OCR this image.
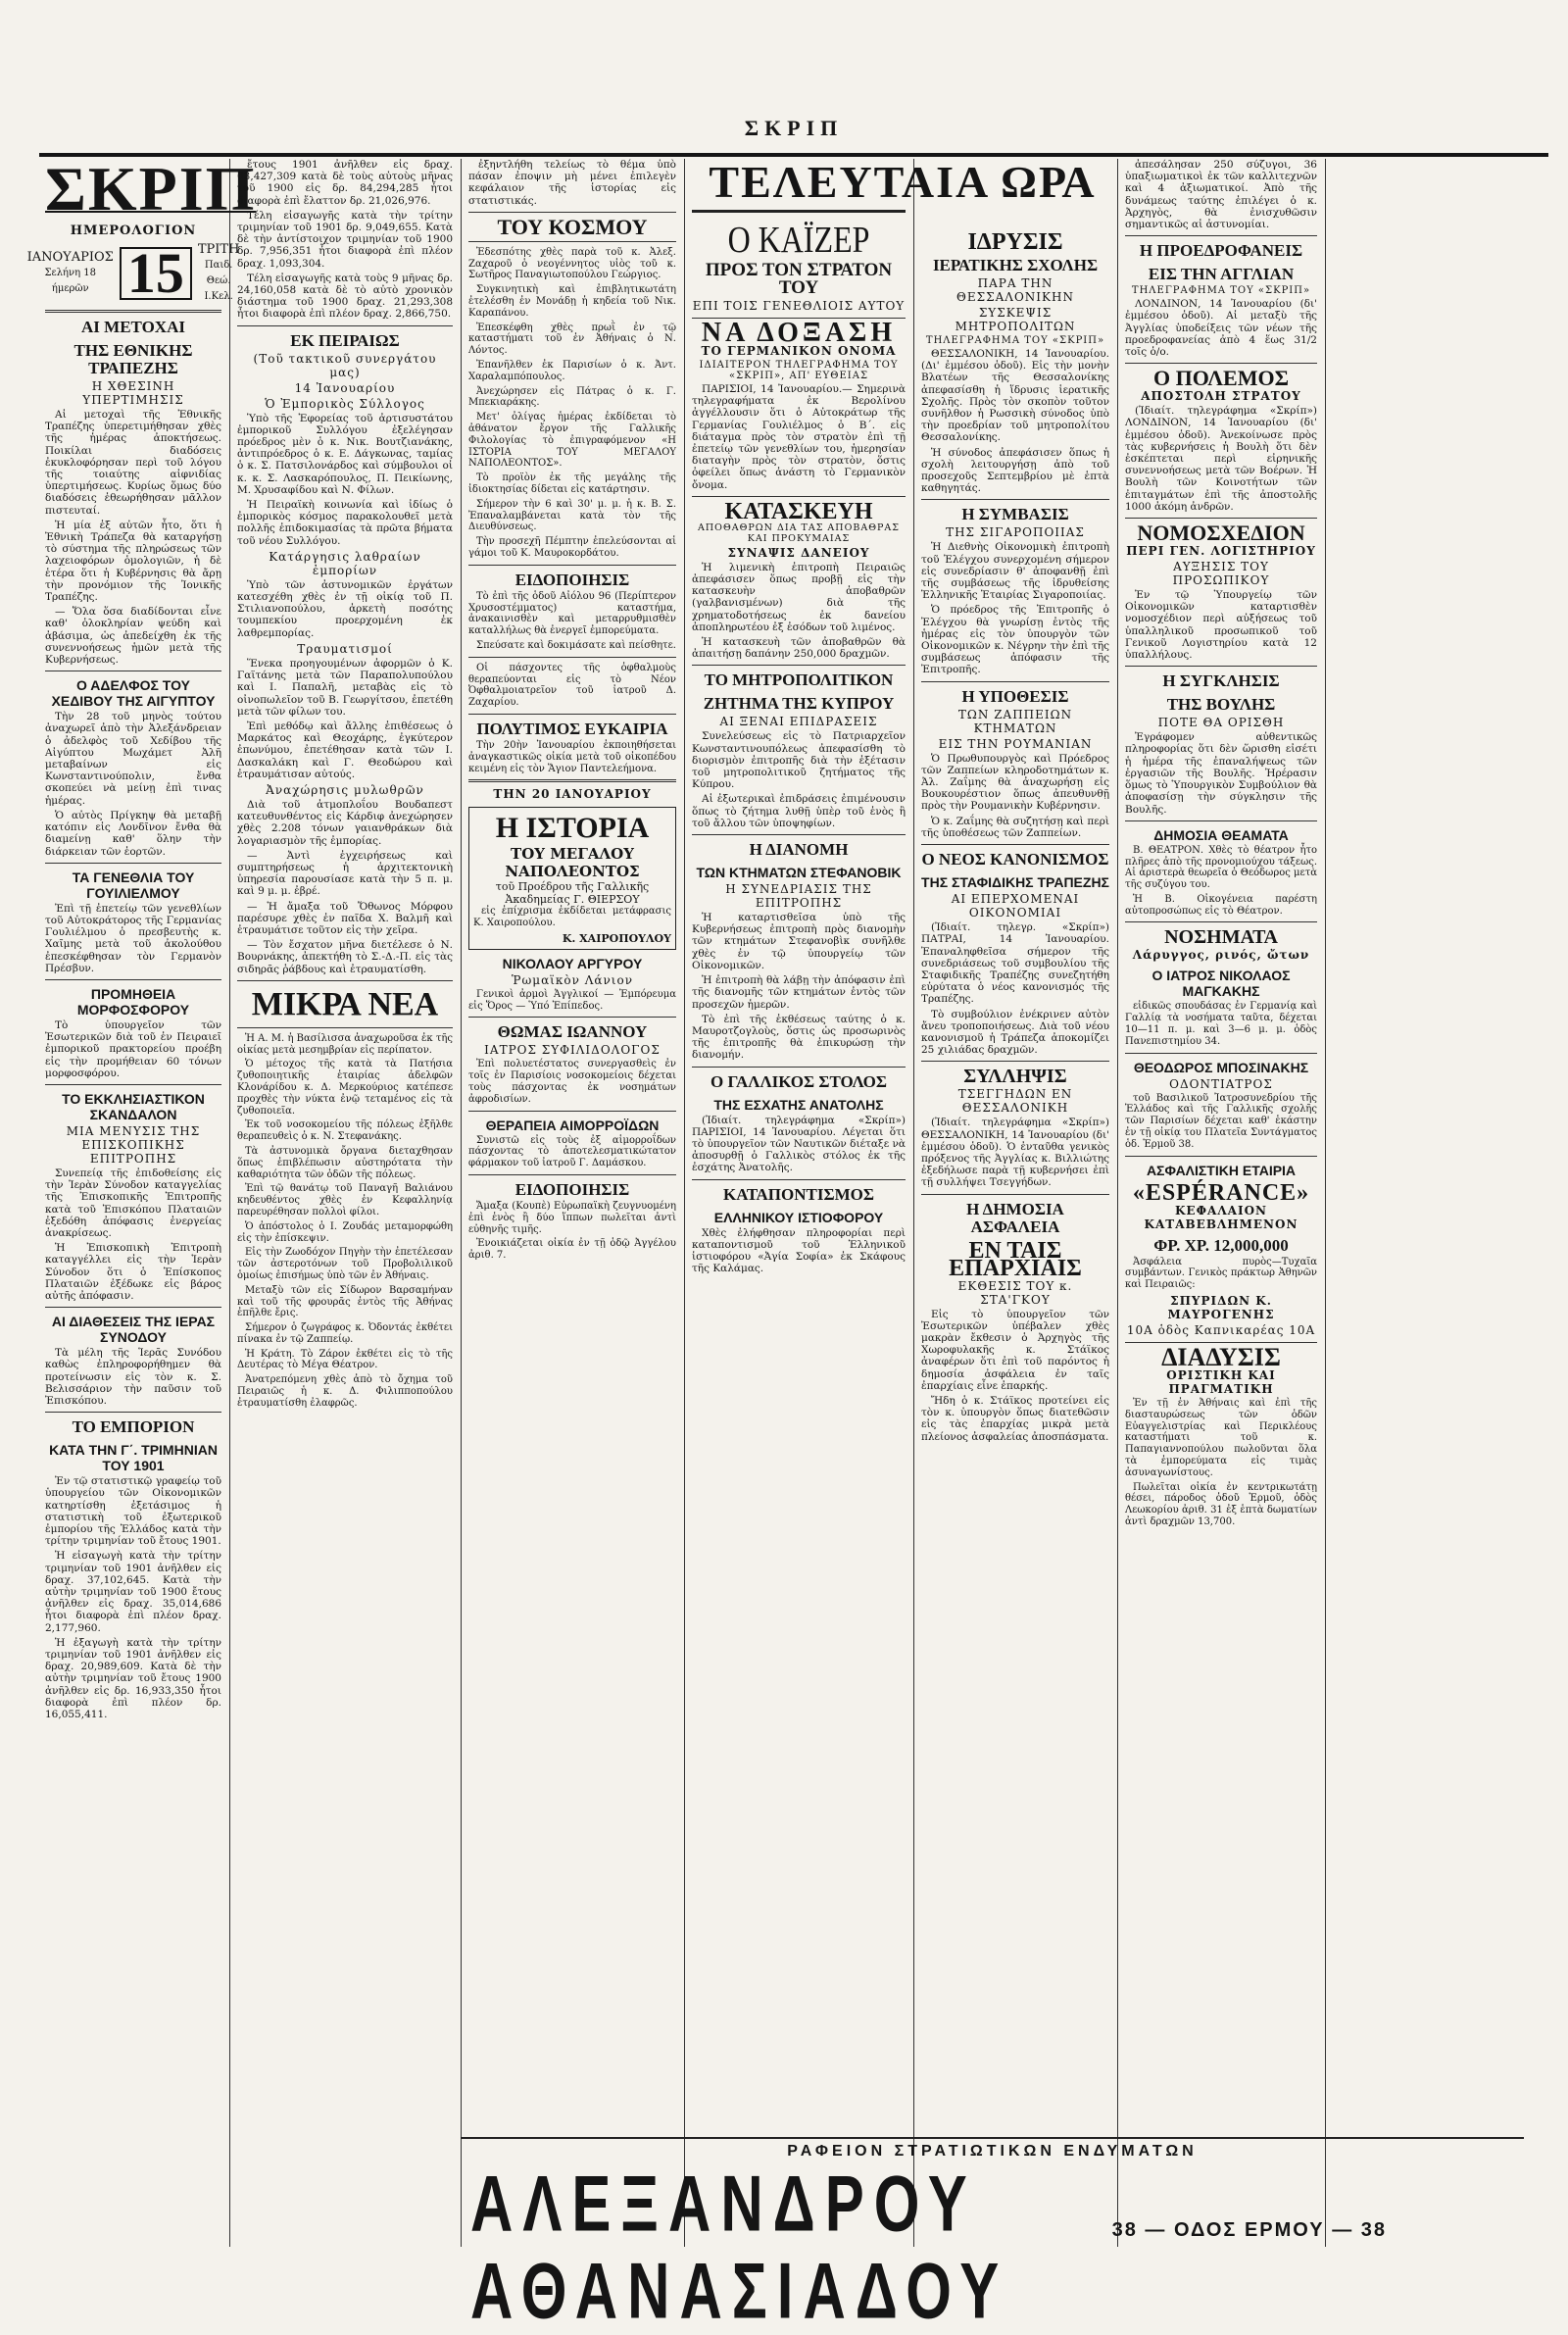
ΣΚΡΙΠ
ΣΚΡΙΠ
ΗΜΕΡΟΛΟΓΙΟΝ
ΙΑΝΟΥΑΡΙΟΣ
Σελήνη 18 ήμερῶν 15	ΤΡΙΤΗ
Παιδ. Θεώ. Ι.Κελ.
ΑΙ ΜΕΤΟΧΑΙ
ΤΗΣ ΕΘΝΙΚΗΣ ΤΡΑΠΕΖΗΣ
Η ΧΘΕΣΙΝΗ ΥΠΕΡΤΙΜΗΣΙΣ

Αἱ μετοχαὶ τῆς Ἐθνικῆς Τραπέζης ὑπερετιμήθησαν χθὲς τῆς ἡμέρας ἀποκτήσεως. Ποικίλαι διαδόσεις ἐκυκλοφόρησαν περὶ τοῦ λόγου τῆς τοιαύτης αἰφνιδίας ὑπερτιμήσεως. Κυρίως ὅμως δύο διαδόσεις ἐθεωρήθησαν μᾶλλον πιστευταί.

Ἡ μία ἐξ αὐτῶν ἦτο, ὅτι ἡ Ἐθνικὴ Τράπεζα θὰ καταργήσῃ τὸ σύστημα τῆς πληρώσεως τῶν λαχειοφόρων ὁμολογιῶν, ἡ δὲ ἑτέρα ὅτι ἡ Κυβέρνησις θὰ ἄρῃ τὴν προνόμιον τῆς Ἰονικῆς Τραπέζης.

— Ὅλα ὅσα διαδίδονται εἶνε καθ' ὁλοκληρίαν ψεύδη καὶ ἀβάσιμα, ὡς ἀπεδείχθη ἐκ τῆς συνεννοήσεως ἡμῶν μετὰ τῆς Κυβερνήσεως.

Ο ΑΔΕΛΦΟΣ ΤΟΥ ΧΕΔΙΒΟΥ ΤΗΣ ΑΙΓΥΠΤΟΥ

Τὴν 28 τοῦ μηνὸς τούτου ἀναχωρεῖ ἀπὸ τὴν Ἀλεξάνδρειαν ὁ ἀδελφὸς τοῦ Χεδίβου τῆς Αἰγύπτου Μωχάμετ Ἀλῆ μεταβαίνων εἰς Κωνσταντινούπολιν, ἔνθα σκοπεύει νὰ μείνῃ ἐπὶ τινας ἡμέρας.

Ὁ αὐτὸς Πρίγκηψ θὰ μεταβῇ κατόπιν εἰς Λονδῖνον ἔνθα θὰ διαμείνῃ καθ' ὅλην τὴν διάρκειαν τῶν ἑορτῶν.

ΤΑ ΓΕΝΕΘΛΙΑ ΤΟΥ ΓΟΥΙΛΙΕΛΜΟΥ

Ἐπὶ τῇ ἐπετείῳ τῶν γενεθλίων τοῦ Αὐτοκράτορος τῆς Γερμανίας Γουλιέλμου ὁ πρεσβευτὴς κ. Χαῖμης μετὰ τοῦ ἀκολούθου ἐπεσκέφθησαν τὸν Γερμανὸν Πρέσβυν.

ΠΡΟΜΗΘΕΙΑ ΜΟΡΦΟΣΦΟΡΟΥ

Τὸ ὑπουργεῖον τῶν Ἐσωτερικῶν διὰ τοῦ ἐν Πειραιεῖ ἐμπορικοῦ πρακτορείου προέβη εἰς τὴν προμήθειαν 60 τόνων μορφοσφόρου.

ΤΟ ΕΚΚΛΗΣΙΑΣΤΙΚΟΝ ΣΚΑΝΔΑΛΟΝ
ΜΙΑ ΜΕΝΥΣΙΣ ΤΗΣ ΕΠΙΣΚΟΠΙΚΗΣ ΕΠΙΤΡΟΠΗΣ

Συνεπείᾳ τῆς ἐπιδοθείσης εἰς τὴν Ἱερὰν Σύνοδον καταγγελίας τῆς Ἐπισκοπικῆς Ἐπιτροπῆς κατὰ τοῦ Ἐπισκόπου Πλαταιῶν ἐξεδόθη ἀπόφασις ἐνεργείας ἀνακρίσεως.

Ἡ Ἐπισκοπικὴ Ἐπιτροπὴ καταγγέλλει εἰς τὴν Ἱερὰν Σύνοδον ὅτι ὁ Ἐπίσκοπος Πλαταιῶν ἐξέδωκε εἰς βάρος αὐτῆς ἀπόφασιν.

ΑΙ ΔΙΑΘΕΣΕΙΣ ΤΗΣ ΙΕΡΑΣ ΣΥΝΟΔΟΥ

Τὰ μέλη τῆς Ἱερᾶς Συνόδου καθὼς ἐπληροφορήθημεν θὰ προτείνωσιν εἰς τὸν κ. Σ. Βελισσάριον τὴν παῦσιν τοῦ Ἐπισκόπου.

ΤΟ ΕΜΠΟΡΙΟΝ
ΚΑΤΑ ΤΗΝ Γ΄. ΤΡΙΜΗΝΙΑΝ ΤΟΥ 1901

Ἐν τῷ στατιστικῷ γραφείῳ τοῦ ὑπουργείου τῶν Οἰκονομικῶν κατηρτίσθη ἐξετάσιμος ἡ στατιστικὴ τοῦ ἐξωτερικοῦ ἐμπορίου τῆς Ἑλλάδος κατὰ τὴν τρίτην τριμηνίαν τοῦ ἔτους 1901.

Ἡ εἰσαγωγὴ κατὰ τὴν τρίτην τριμηνίαν τοῦ 1901 ἀνῆλθεν εἰς δραχ. 37,102,645. Κατὰ τὴν αὐτὴν τριμηνίαν τοῦ 1900 ἔτους ἀνῆλθεν εἰς δραχ. 35,014,686 ἦτοι διαφορὰ ἐπὶ πλέον δραχ. 2,177,960.

Ἡ ἐξαγωγὴ κατὰ τὴν τρίτην τριμηνίαν τοῦ 1901 ἀνῆλθεν εἰς δραχ. 20,989,609. Κατὰ δὲ τὴν αὐτὴν τριμηνίαν τοῦ ἔτους 1900 ἀνῆλθεν εἰς δρ. 16,933,350 ἦτοι διαφορὰ ἐπὶ πλέον δρ. 16,055,411.

ἔτους 1901 ἀνῆλθεν εἰς δραχ. 63,427,309 κατὰ δὲ τοὺς αὐτοὺς μῆνας τοῦ 1900 εἰς δρ. 84,294,285 ἦτοι διαφορὰ ἐπὶ ἔλαττον δρ. 21,026,976.

Τέλη εἰσαγωγῆς κατὰ τὴν τρίτην τριμηνίαν τοῦ 1901 δρ. 9,049,655. Κατὰ δὲ τὴν ἀντίστοιχον τριμηνίαν τοῦ 1900 δρ. 7,956,351 ἦτοι διαφορὰ ἐπὶ πλέον δραχ. 1,093,304.

Τέλη εἰσαγωγῆς κατὰ τοὺς 9 μῆνας δρ. 24,160,058 κατὰ δὲ τὸ αὐτὸ χρονικὸν διάστημα τοῦ 1900 δραχ. 21,293,308 ἦτοι διαφορὰ ἐπὶ πλέον δραχ. 2,866,750.

ΕΚ ΠΕΙΡΑΙΩΣ
(Τοῦ τακτικοῦ συνεργάτου μας)
14 Ἰανουαρίου
Ὁ Ἐμπορικὸς Σύλλογος

Ὑπὸ τῆς Ἐφορείας τοῦ ἀρτισυστάτου ἐμπορικοῦ Συλλόγου ἐξελέγησαν πρόεδρος μὲν ὁ κ. Νικ. Βουτζιανάκης, ἀντιπρόεδρος ὁ κ. Ε. Δάγκωνας, ταμίας ὁ κ. Σ. Πατσιλονάρδος καὶ σύμβουλοι οἱ κ. κ. Σ. Λασκαρόπουλος, Π. Πεικίωνης, Μ. Χρυσαφίδου καὶ Ν. Φίλων.

Ἡ Πειραϊκὴ κοινωνία καὶ ἰδίως ὁ ἐμπορικὸς κόσμος παρακολουθεῖ μετὰ πολλῆς ἐπιδοκιμασίας τὰ πρῶτα βήματα τοῦ νέου Συλλόγου.

Κατάργησις λαθραίων ἐμπορίων

Ὑπὸ τῶν ἀστυνομικῶν ἐργάτων κατεσχέθη χθὲς ἐν τῇ οἰκίᾳ τοῦ Π. Στιλιανοπούλου, ἀρκετὴ ποσότης τουμπεκίου προερχομένη ἐκ λαθρεμπορίας.

Τραυματισμοί

Ἕνεκα προηγουμένων ἀφορμῶν ὁ Κ. Γαϊτάνης μετὰ τῶν Παραπολυπούλου καὶ Ι. Παπαλῆ, μεταβὰς εἰς τὸ οἰνοπωλεῖον τοῦ Β. Γεωργίτσου, ἐπετέθη μετὰ τῶν φίλων του.

Ἐπὶ μεθόδῳ καὶ ἄλλης ἐπιθέσεως ὁ Μαρκάτος καὶ Θεοχάρης, ἐγκύτερον ἐπωνύμου, ἐπετέθησαν κατὰ τῶν Ι. Δασκαλάκη καὶ Γ. Θεοδώρου καὶ ἐτραυμάτισαν αὐτούς.

Ἀναχώρησις μυλωθρῶν

Διὰ τοῦ ἀτμοπλοΐου Βουδαπεστ κατευθυνθέντος εἰς Κάρδιφ ἀνεχώρησεν χθὲς 2.208 τόνων γαιανθράκων διὰ λογαριασμὸν τῆς ἐμπορίας.

— Ἀντὶ ἐγχειρήσεως καὶ συμπτηρήσεως ἡ ἀρχιτεκτονικὴ ὑπηρεσία παρουσίασε κατὰ τὴν 5 π. μ. καὶ 9 μ. μ. ἐβρέ.

— Ἡ ἄμαξα τοῦ Ὅθωνος Μόρφου παρέσυρε χθὲς ἐν παῖδα Χ. Βαλμῆ καὶ ἐτραυμάτισε τοῦτον εἰς τὴν χεῖρα.

— Τὸν ἔσχατον μῆνα διετέλεσε ὁ Ν. Βουρνάκης, ἀπεκτήθη τὸ Σ.-Δ.-Π. εἰς τὰς σιδηρᾶς ῥάβδους καὶ ἐτραυματίσθη.

ΜΙΚΡΑ ΝΕΑ

Ἡ Α. Μ. ἡ Βασίλισσα ἀναχωροῦσα ἐκ τῆς οἰκίας μετὰ μεσημβρίαν εἰς περίπατον.

Ὁ μέτοχος τῆς κατὰ τὰ Πατήσια ζυθοποιητικῆς ἑταιρίας ἀδελφῶν Κλονάρίδου κ. Δ. Μερκούριος κατέπεσε προχθὲς τὴν νύκτα ἐνῷ τεταμένος εἰς τὰ ζυθοποιεῖα.

Ἐκ τοῦ νοσοκομείου τῆς πόλεως ἐξῆλθε θεραπευθεὶς ὁ κ. Ν. Στεφανάκης.

Τὰ ἀστυνομικὰ ὄργανα διεταχθησαν ὅπως ἐπιβλέπωσιν αὐστηρότατα τὴν καθαριότητα τῶν ὁδῶν τῆς πόλεως.

Ἐπὶ τῷ θανάτῳ τοῦ Παναγῆ Βαλιάνου κηδευθέντος χθὲς ἐν Κεφαλληνίᾳ παρευρέθησαν πολλοὶ φίλοι.

Ὁ ἀπόστολος ὁ Ι. Ζουδάς μεταμορφώθη εἰς τὴν ἐπίσκεψιν.

Εἰς τὴν Ζωοδόχον Πηγὴν τὴν ἐπετέλεσαν τῶν ἀστεροτόνων τοῦ Προβολιλικοῦ ὁμοίως ἐπισήμως ὑπὸ τῶν ἐν Ἀθήναις.

Μεταξὺ τῶν εἰς Σίδωρον Βαρσαμήναν καὶ τοῦ τῆς φρουρᾶς ἐντὸς τῆς Ἀθήνας ἐπῆλθε ἔρις.

Σήμερον ὁ ζωγράφος κ. Ὀδοντάς ἐκθέτει πίνακα ἐν τῷ Ζαππείῳ.

Ἡ Κράτη. Τὸ Ζάρον ἐκθέτει εἰς τὸ τῆς Δευτέρας τὸ Μέγα Θέατρον.

Ἀνατρεπόμενη χθὲς ἀπὸ τὸ ὄχημα τοῦ Πειραιῶς ἡ κ. Δ. Φιλιπποπούλου ἐτραυματίσθη ἐλαφρῶς.

ἐξηντλήθη τελείως τὸ θέμα ὑπὸ πάσαν ἐποψιν μὴ μένει ἐπιλεγὲν κεφάλαιον τῆς ἱστορίας εἰς στατιστικάς.

ΤΟΥ ΚΟΣΜΟΥ

Ἐδεσπότης χθὲς παρὰ τοῦ κ. Ἀλεξ. Ζαχαροῦ ὁ νεογέννητος υἱὸς τοῦ κ. Σωτῆρος Παναγιωτοπούλου Γεώργιος.

Συγκινητικὴ καὶ ἐπιβλητικωτάτη ἐτελέσθη ἐν Μονάδῃ ἡ κηδεία τοῦ Νικ. Καραπάνου.

Ἐπεσκέφθη χθὲς πρωῒ ἐν τῷ καταστήματι τοῦ ἐν Ἀθήναις ὁ Ν. Λόντος.

Ἐπανῆλθεν ἐκ Παρισίων ὁ κ. Ἀντ. Χαραλαμπόπουλος.

Ἀνεχώρησεν εἰς Πάτρας ὁ κ. Γ. Μπεκιαράκης.

Μετ' ὀλίγας ἡμέρας ἐκδίδεται τὸ ἀθάνατον ἔργον τῆς Γαλλικῆς Φιλολογίας τὸ ἐπιγραφόμενον «Η ΙΣΤΟΡΙΑ ΤΟΥ ΜΕΓΑΛΟΥ ΝΑΠΟΛΕΟΝΤΟΣ».

Τὸ προϊὸν ἐκ τῆς μεγάλης τῆς ἰδιοκτησίας δίδεται εἰς κατάρτησιν.

Σήμερον τὴν 6 καὶ 30' μ. μ. ἡ κ. Β. Σ. Ἐπαναλαμβάνεται κατὰ τὸν τῆς Διευθύνσεως.

Τὴν προσεχῆ Πέμπτην ἐπελεύσονται αἱ γάμοι τοῦ Κ. Μαυροκορδάτου.

ΕΙΔΟΠΟΙΗΣΙΣ

Τὸ ἐπὶ τῆς ὁδοῦ Αἰόλου 96 (Περίπτερον Χρυσοστέμματος) καταστήμα, ἀνακαινισθὲν καὶ μεταρρυθμισθὲν καταλλήλως θὰ ἐνεργεῖ ἐμπορεύματα.

Σπεύσατε καὶ δοκιμάσατε καὶ πείσθητε.

Οἱ πάσχοντες τῆς ὀφθαλμοὺς θεραπεύονται εἰς τὸ Νέον Ὀφθαλμοιατρεῖον τοῦ ἰατροῦ Δ. Ζαχαρίου.

ΠΟΛΥΤΙΜΟΣ ΕΥΚΑΙΡΙΑ

Τὴν 20ὴν Ἰανουαρίου ἐκποιηθήσεται ἀναγκαστικῶς οἰκία μετὰ τοῦ οἰκοπέδου κειμένη εἰς τὸν Ἅγιον Παντελεήμονα.

ΤΗΝ 20 ΙΑΝΟΥΑΡΙΟΥ
Η ΙΣΤΟΡΙΑ
ΤΟΥ ΜΕΓΑΛΟΥ ΝΑΠΟΛΕΟΝΤΟΣ
τοῦ Προέδρου τῆς Γαλλικῆς Ἀκαδημείας Γ. ΘΙΕΡΣΟΥ

εἰς ἐπίχρισμα ἐκδίδεται μετάφρασις Κ. Χαιροπούλου.

Κ. ΧΑΙΡΟΠΟΥΛΟΥ
ΝΙΚΟΛΑΟΥ ΑΡΓΥΡΟΥ
Ῥωμαϊκὸν Λάνιον

Γενικοὶ ἀρμοὶ Ἀγγλικοί — Ἐμπόρευμα εἰς Ὅρος — Ὑπό Ἐπίπεδος.

ΘΩΜΑΣ ΙΩΑΝΝΟΥ
ΙΑΤΡΟΣ ΣΥΦΙΛΙΔΟΛΟΓΟΣ

Ἐπὶ πολυετέστατος συνεργασθεὶς ἐν τοῖς ἐν Παρισίοις νοσοκομείοις δέχεται τοὺς πάσχοντας ἐκ νοσημάτων ἀφροδισίων.

ΘΕΡΑΠΕΙΑ ΑΙΜΟΡΡΟΪΔΩΝ

Συνιστῶ εἰς τοὺς ἐξ αἱμορροΐδων πάσχοντας τὸ ἀποτελεσματικώτατον φάρμακον τοῦ ἰατροῦ Γ. Δαμάσκου.

ΕΙΔΟΠΟΙΗΣΙΣ

Ἄμαξα (Κουπὲ) Εὐρωπαϊκὴ ζευγνυομένη ἐπὶ ἑνὸς ἢ δύο ἵππων πωλεῖται ἀντὶ εὐθηνῆς τιμῆς.

Ἐνοικιάζεται οἰκία ἐν τῇ ὁδῷ Ἀγγέλου ἀριθ. 7.

ΤΕΛΕΥΤΑΙΑ ΩΡΑ
Ο ΚΑΪΖΕΡ
ΠΡΟΣ ΤΟΝ ΣΤΡΑΤΟΝ ΤΟΥ
ΕΠΙ ΤΟΙΣ ΓΕΝΕΘΛΙΟΙΣ ΑΥΤΟΥ
ΝΑ ΔΟΞΑΣΗ
ΤΟ ΓΕΡΜΑΝΙΚΟΝ ΟΝΟΜΑ
ΙΔΙΑΙΤΕΡΟΝ ΤΗΛΕΓΡΑΦΗΜΑ ΤΟΥ «ΣΚΡΙΠ», ΑΠ' ΕΥΘΕΙΑΣ

ΠΑΡΙΣΙΟΙ, 14 Ἰανουαρίου.— Σημερινὰ τηλεγραφήματα ἐκ Βερολίνου ἀγγέλλουσιν ὅτι ὁ Αὐτοκράτωρ τῆς Γερμανίας Γουλιέλμος ὁ Β΄. εἰς διάταγμα πρὸς τὸν στρατὸν ἐπὶ τῇ ἐπετείῳ τῶν γενεθλίων του, ἡμερησίαν διαταγὴν πρὸς τὸν στρατὸν, ὅστις ὀφείλει ὅπως ἀνάστη τὸ Γερμανικὸν ὄνομα.

ΚΑΤΑΣΚΕΥΗ
ΑΠΟΘΑΘΡΩΝ ΔΙΑ ΤΑΣ ΑΠΟΒΑΘΡΑΣ ΚΑΙ ΠΡΟΚΥΜΑΙΑΣ
ΣΥΝΑΨΙΣ ΔΑΝΕΙΟΥ

Ἡ λιμενικὴ ἐπιτροπὴ Πειραιῶς ἀπεφάσισεν ὅπως προβῇ εἰς τὴν κατασκευὴν ἀποβαθρῶν (γαλβανισμένων) διὰ τῆς χρηματοδοτήσεως ἐκ δανείου ἀποπληρωτέου ἐξ ἐσόδων τοῦ λιμένος.

Ἡ κατασκευὴ τῶν ἀποβαθρῶν θὰ ἀπαιτήσῃ δαπάνην 250,000 δραχμῶν.

ΤΟ ΜΗΤΡΟΠΟΛΙΤΙΚΟΝ
ΖΗΤΗΜΑ ΤΗΣ ΚΥΠΡΟΥ
ΑΙ ΞΕΝΑΙ ΕΠΙΔΡΑΣΕΙΣ

Συνελεύσεως εἰς τὸ Πατριαρχεῖον Κωνσταντινουπόλεως ἀπεφασίσθη τὸ διορισμὸν ἐπιτροπῆς διὰ τὴν ἐξέτασιν τοῦ μητροπολιτικοῦ ζητήματος τῆς Κύπρου.

Αἱ ἐξωτερικαὶ ἐπιδράσεις ἐπιμένουσιν ὅπως τὸ ζήτημα λυθῇ ὑπὲρ τοῦ ἑνὸς ἢ τοῦ ἄλλου τῶν ὑποψηφίων.

Η ΔΙΑΝΟΜΗ
ΤΩΝ ΚΤΗΜΑΤΩΝ ΣΤΕΦΑΝΟΒΙΚ
Η ΣΥΝΕΔΡΙΑΣΙΣ ΤΗΣ ΕΠΙΤΡΟΠΗΣ

Ἡ καταρτισθεῖσα ὑπὸ τῆς Κυβερνήσεως ἐπιτροπὴ πρὸς διανομὴν τῶν κτημάτων Στεφανοβὶκ συνῆλθε χθὲς ἐν τῷ ὑπουργείῳ τῶν Οἰκονομικῶν.

Ἡ ἐπιτροπὴ θὰ λάβῃ τὴν ἀπόφασιν ἐπὶ τῆς διανομῆς τῶν κτημάτων ἐντὸς τῶν προσεχῶν ἡμερῶν.

Τὸ ἐπὶ τῆς ἐκθέσεως ταύτης ὁ κ. Μαυροτζογλοὺς, ὅστις ὡς προσωρινὸς τῆς ἐπιτροπῆς θὰ ἐπικυρώσῃ τὴν διανομήν.

Ο ΓΑΛΛΙΚΟΣ ΣΤΟΛΟΣ
ΤΗΣ ΕΣΧΑΤΗΣ ΑΝΑΤΟΛΗΣ

(Ἰδιαίτ. τηλεγράφημα «Σκρίπ») ΠΑΡΙΣΙΟΙ, 14 Ἰανουαρίου. Λέγεται ὅτι τὸ ὑπουργεῖον τῶν Ναυτικῶν διέταξε νὰ ἀποσυρθῇ ὁ Γαλλικὸς στόλος ἐκ τῆς ἐσχάτης Ἀνατολῆς.

ΚΑΤΑΠΟΝΤΙΣΜΟΣ
ΕΛΛΗΝΙΚΟΥ ΙΣΤΙΟΦΟΡΟΥ

Χθὲς ἐλήφθησαν πληροφορίαι περὶ καταποντισμοῦ τοῦ Ἑλληνικοῦ ἱστιοφόρου «Ἀγία Σοφία» ἐκ Σκάφους τῆς Καλάμας.

ΙΔΡΥΣΙΣ
ΙΕΡΑΤΙΚΗΣ ΣΧΟΛΗΣ
ΠΑΡΑ ΤΗΝ ΘΕΣΣΑΛΟΝΙΚΗΝ
ΣΥΣΚΕΨΙΣ ΜΗΤΡΟΠΟΛΙΤΩΝ
ΤΗΛΕΓΡΑΦΗΜΑ ΤΟΥ «ΣΚΡΙΠ»

ΘΕΣΣΑΛΟΝΙΚΗ, 14 Ἰανουαρίου. (Δι' ἐμμέσου ὁδοῦ). Εἰς τὴν μονὴν Βλατέων τῆς Θεσσαλονίκης ἀπεφασίσθη ἡ ἵδρυσις ἱερατικῆς Σχολῆς. Πρὸς τὸν σκοπὸν τοῦτον συνῆλθον ἡ Ρωσσικὴ σύνοδος ὑπὸ τὴν προεδρίαν τοῦ μητροπολίτου Θεσσαλονίκης.

Ἡ σύνοδος ἀπεφάσισεν ὅπως ἡ σχολὴ λειτουργήσῃ ἀπὸ τοῦ προσεχοῦς Σεπτεμβρίου μὲ ἑπτὰ καθηγητάς.

Η ΣΥΜΒΑΣΙΣ
ΤΗΣ ΣΙΓΑΡΟΠΟΙΙΑΣ

Ἡ Διεθνὴς Οἰκονομικὴ ἐπιτροπὴ τοῦ Ἐλέγχου συνερχομένη σήμερον εἰς συνεδρίασιν θ' ἀποφανθῇ ἐπὶ τῆς συμβάσεως τῆς ἱδρυθείσης Ἑλληνικῆς Ἑταιρίας Σιγαροποιίας.

Ὁ πρόεδρος τῆς Ἐπιτροπῆς ὁ Ἐλέγχου θὰ γνωρίσῃ ἐντὸς τῆς ἡμέρας εἰς τὸν ὑπουργὸν τῶν Οἰκονομικῶν κ. Νέγρην τὴν ἐπὶ τῆς συμβάσεως ἀπόφασιν τῆς Ἐπιτροπῆς.

Η ΥΠΟΘΕΣΙΣ
ΤΩΝ ΖΑΠΠΕΙΩΝ ΚΤΗΜΑΤΩΝ
ΕΙΣ ΤΗΝ ΡΟΥΜΑΝΙΑΝ

Ὁ Πρωθυπουργὸς καὶ Πρόεδρος τῶν Ζαππείων κληροδοτημάτων κ. Ἀλ. Ζαΐμης θὰ ἀναχωρήσῃ εἰς Βουκουρέστιον ὅπως ἀπευθυνθῇ πρὸς τὴν Ρουμανικὴν Κυβέρνησιν.

Ὁ κ. Ζαΐμης θὰ συζητήσῃ καὶ περὶ τῆς ὑποθέσεως τῶν Ζαππείων.

Ο ΝΕΟΣ ΚΑΝΟΝΙΣΜΟΣ
ΤΗΣ ΣΤΑΦΙΔΙΚΗΣ ΤΡΑΠΕΖΗΣ
ΑΙ ΕΠΕΡΧΟΜΕΝΑΙ ΟΙΚΟΝΟΜΙΑΙ

(Ἰδιαίτ. τηλεγρ. «Σκρίπ») ΠΑΤΡΑΙ, 14 Ἰανουαρίου. Ἐπαναληφθεῖσα σήμερον τῆς συνεδριάσεως τοῦ συμβουλίου τῆς Σταφιδικῆς Τραπέζης συνεζητήθη εὐρύτατα ὁ νέος κανονισμός τῆς Τραπέζης.

Τὸ συμβούλιον ἐνέκρινεν αὐτὸν ἄνευ τροποποιήσεως. Διὰ τοῦ νέου κανονισμοῦ ἡ Τράπεζα ἀποκομίζει 25 χιλιάδας δραχμῶν.

ΣΥΛΛΗΨΙΣ
ΤΣΕΓΓΗΔΩΝ ΕΝ ΘΕΣΣΑΛΟΝΙΚΗ

(Ἰδιαίτ. τηλεγράφημα «Σκρίπ») ΘΕΣΣΑΛΟΝΙΚΗ, 14 Ἰανουαρίου (δι' ἐμμέσου ὁδοῦ). Ὁ ἐνταῦθα γενικὸς πρόξενος τῆς Ἀγγλίας κ. Βιλλιώτης ἐξεδήλωσε παρὰ τῇ κυβερνήσει ἐπὶ τῇ συλλήψει Τσεγγήδων.

Η ΔΗΜΟΣΙΑ ΑΣΦΑΛΕΙΑ
ΕΝ ΤΑΙΣ ΕΠΑΡΧΙΑΙΣ
ΕΚΘΕΣΙΣ ΤΟΥ κ. ΣΤΑ'ΓΚΟΥ

Εἰς τὸ ὑπουργεῖον τῶν Ἐσωτερικῶν ὑπέβαλεν χθὲς μακρὰν ἔκθεσιν ὁ Ἀρχηγὸς τῆς Χωροφυλακῆς κ. Στάϊκος ἀναφέρων ὅτι ἐπὶ τοῦ παρόντος ἡ δημοσία ἀσφάλεια ἐν ταῖς ἐπαρχίαις εἶνε ἐπαρκής.

Ἤδη ὁ κ. Στάϊκος προτείνει εἰς τὸν κ. ὑπουργὸν ὅπως διατεθῶσιν εἰς τὰς ἐπαρχίας μικρὰ μετὰ πλείονος ἀσφαλείας ἀποσπάσματα.

ἀπεσάλησαν 250 σύζυγοι, 36 ὑπαξιωματικοὶ ἐκ τῶν καλλιτεχνῶν καὶ 4 ἀξιωματικοί. Ἀπὸ τῆς δυνάμεως ταύτης ἐπιλέγει ὁ κ. Ἀρχηγὸς, θὰ ἐνισχυθῶσιν σημαντικῶς αἱ ἀστυνομίαι.

Η ΠΡΟΕΔΡΟΦΑΝΕΙΣ
ΕΙΣ ΤΗΝ ΑΓΓΛΙΑΝ
ΤΗΛΕΓΡΑΦΗΜΑ ΤΟΥ «ΣΚΡΙΠ»

ΛΟΝΔΙΝΟΝ, 14 Ἰανουαρίου (δι' ἐμμέσου ὁδοῦ). Αἱ μεταξὺ τῆς Ἀγγλίας ὑποδείξεις τῶν νέων τῆς προεδροφανείας ἀπὸ 4 ἕως 31/2 τοῖς ὁ/ο.

Ο ΠΟΛΕΜΟΣ
ΑΠΟΣΤΟΛΗ ΣΤΡΑΤΟΥ

(Ἰδιαίτ. τηλεγράφημα «Σκρίπ») ΛΟΝΔΙΝΟΝ, 14 Ἰανουαρίου (δι' ἐμμέσου ὁδοῦ). Ἀνεκοίνωσε πρὸς τὰς κυβερνήσεις ἡ Βουλὴ ὅτι δὲν ἐσκέπτεται περὶ εἰρηνικῆς συνεννοήσεως μετὰ τῶν Βοέρων. Ἡ Βουλὴ τῶν Κοινοτήτων τῶν ἐπιταγμάτων ἐπὶ τῆς ἀποστολῆς 1000 ἀκόμη ἀνδρῶν.

ΝΟΜΟΣΧΕΔΙΟΝ
ΠΕΡΙ ΓΕΝ. ΛΟΓΙΣΤΗΡΙΟΥ
ΑΥΞΗΣΙΣ ΤΟΥ ΠΡΟΣΩΠΙΚΟΥ

Ἐν τῷ Ὑπουργείῳ τῶν Οἰκονομικῶν καταρτισθὲν νομοσχέδιον περὶ αὐξήσεως τοῦ ὑπαλληλικοῦ προσωπικοῦ τοῦ Γενικοῦ Λογιστηρίου κατὰ 12 ὑπαλλήλους.

Η ΣΥΓΚΛΗΣΙΣ
ΤΗΣ ΒΟΥΛΗΣ
ΠΟΤΕ ΘΑ ΟΡΙΣΘΗ

Ἐγράφομεν αὐθεντικῶς πληροφορίας ὅτι δὲν ὥρισθη εἰσέτι ἡ ἡμέρα τῆς ἐπαναλήψεως τῶν ἐργασιῶν τῆς Βουλῆς. Ἠρέρασιν ὅμως τὸ Ὑπουργικὸν Συμβούλιον θὰ ἀποφασίσῃ τὴν σύγκλησιν τῆς Βουλῆς.

ΔΗΜΟΣΙΑ ΘΕΑΜΑΤΑ

Β. ΘΕΑΤΡΟΝ. Χθὲς τὸ θέατρον ἦτο πλῆρες ἀπὸ τῆς προνομιούχου τάξεως. Αἱ ἀριστερὰ θεωρεῖα ὁ Θεόδωρος μετὰ τῆς συζύγου του.

Ἡ Β. Οἰκογένεια παρέστη αὐτοπροσώπως εἰς τὸ Θέατρον.

ΝΟΣΗΜΑΤΑ
Λάρυγγος, ρινός, ὤτων
Ο ΙΑΤΡΟΣ ΝΙΚΟΛΑΟΣ ΜΑΓΚΑΚΗΣ

εἰδικῶς σπουδάσας ἐν Γερμανίᾳ καὶ Γαλλίᾳ τὰ νοσήματα ταῦτα, δέχεται 10—11 π. μ. καὶ 3—6 μ. μ. ὁδὸς Πανεπιστημίου 34.

ΘΕΟΔΩΡΟΣ ΜΠΟΣΙΝΑΚΗΣ
ΟΔΟΝΤΙΑΤΡΟΣ

τοῦ Βασιλικοῦ Ἰατροσυνεδρίου τῆς Ἑλλάδος καὶ τῆς Γαλλικῆς σχολῆς τῶν Παρισίων δέχεται καθ' ἑκάστην ἐν τῇ οἰκίᾳ του Πλατεῖα Συντάγματος ὁδ. Ἑρμοῦ 38.

ΑΣΦΑΛΙΣΤΙΚΗ ΕΤΑΙΡΙΑ
«ESPÉRANCE»
ΚΕΦΑΛΑΙΟΝ ΚΑΤΑΒΕΒΛΗΜΕΝΟΝ
ΦΡ. ΧΡ. 12,000,000

Ἀσφάλεια πυρὸς—Τυχαῖα συμβάντων. Γενικὸς πράκτωρ Ἀθηνῶν καὶ Πειραιῶς:

ΣΠΥΡΙΔΩΝ Κ. ΜΑΥΡΟΓΕΝΗΣ
10Α ὁδὸς Καπνικαρέας 10Α
ΔΙΑΔΥΣΙΣ
ΟΡΙΣΤΙΚΗ ΚΑΙ ΠΡΑΓΜΑΤΙΚΗ

Ἐν τῇ ἐν Ἀθήναις καὶ ἐπὶ τῆς διασταυρώσεως τῶν ὁδῶν Εὐαγγελιστρίας καὶ Περικλέους καταστήματι τοῦ κ. Παπαγιαννοπούλου πωλοῦνται ὅλα τὰ ἐμπορεύματα εἰς τιμὰς ἀσυναγωνίστους.

Πωλεῖται οἰκία ἐν κεντρικωτάτῃ θέσει, πάροδος ὁδοῦ Ἑρμοῦ, ὁδὸς Λεωκορίου ἀριθ. 31 ἐξ ἑπτὰ δωματίων ἀντὶ δραχμῶν 13,700.

ΡΑΦΕΙΟΝ ΣΤΡΑΤΙΩΤΙΚΩΝ ΕΝΔΥΜΑΤΩΝ
ΑΛΕΞΑΝΔΡΟΥ ΑΘΑΝΑΣΙΑΔΟΥ
38 — ΟΔΟΣ ΕΡΜΟΥ — 38
